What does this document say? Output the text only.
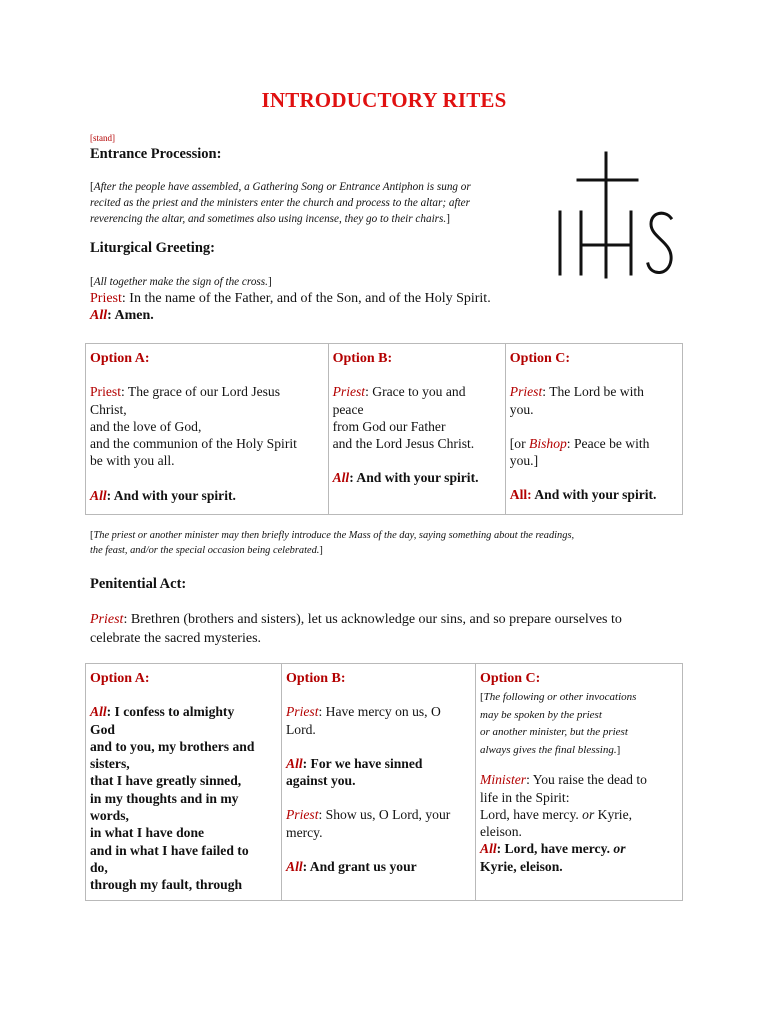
INTRODUCTORY RITES
[stand]
Entrance Procession:
[After the people have assembled, a Gathering Song or Entrance Antiphon is sung or
recited as the priest and the ministers enter the church and process to the altar; after
reverencing the altar, and sometimes also using incense, they go to their chairs.]
Liturgical Greeting:
[All together make the sign of the cross.]
Priest: In the name of the Father, and of the Son, and of the Holy Spirit.
All: Amen.
Option A:
Priest: The grace of our Lord Jesus
Christ,
and the love of God,
and the communion of the Holy Spirit
be with you all.
All: And with your spirit.	
Option B:
Priest: Grace to you and
peace
from God our Father
and the Lord Jesus Christ.
All: And with your spirit.	
Option C:
Priest: The Lord be with
you.
[or Bishop: Peace be with
you.]
All: And with your spirit.
[The priest or another minister may then briefly introduce the Mass of the day, saying something about the readings,
the feast, and/or the special occasion being celebrated.]
Penitential Act:
Priest: Brethren (brothers and sisters), let us acknowledge our sins, and so prepare ourselves to
celebrate the sacred mysteries.
Option A:
All: I confess to almighty
God
and to you, my brothers and
sisters,
that I have greatly sinned,
in my thoughts and in my
words,
in what I have done
and in what I have failed to
do,
through my fault, through	
Option B:
Priest: Have mercy on us, O
Lord.
All: For we have sinned
against you.
Priest: Show us, O Lord, your
mercy.
All: And grant us your	
Option C:
[The following or other invocations
may be spoken by the priest
or another minister, but the priest
always gives the final blessing.]
Minister: You raise the dead to
life in the Spirit:
Lord, have mercy. or Kyrie,
eleison.
All: Lord, have mercy. or
Kyrie, eleison.
